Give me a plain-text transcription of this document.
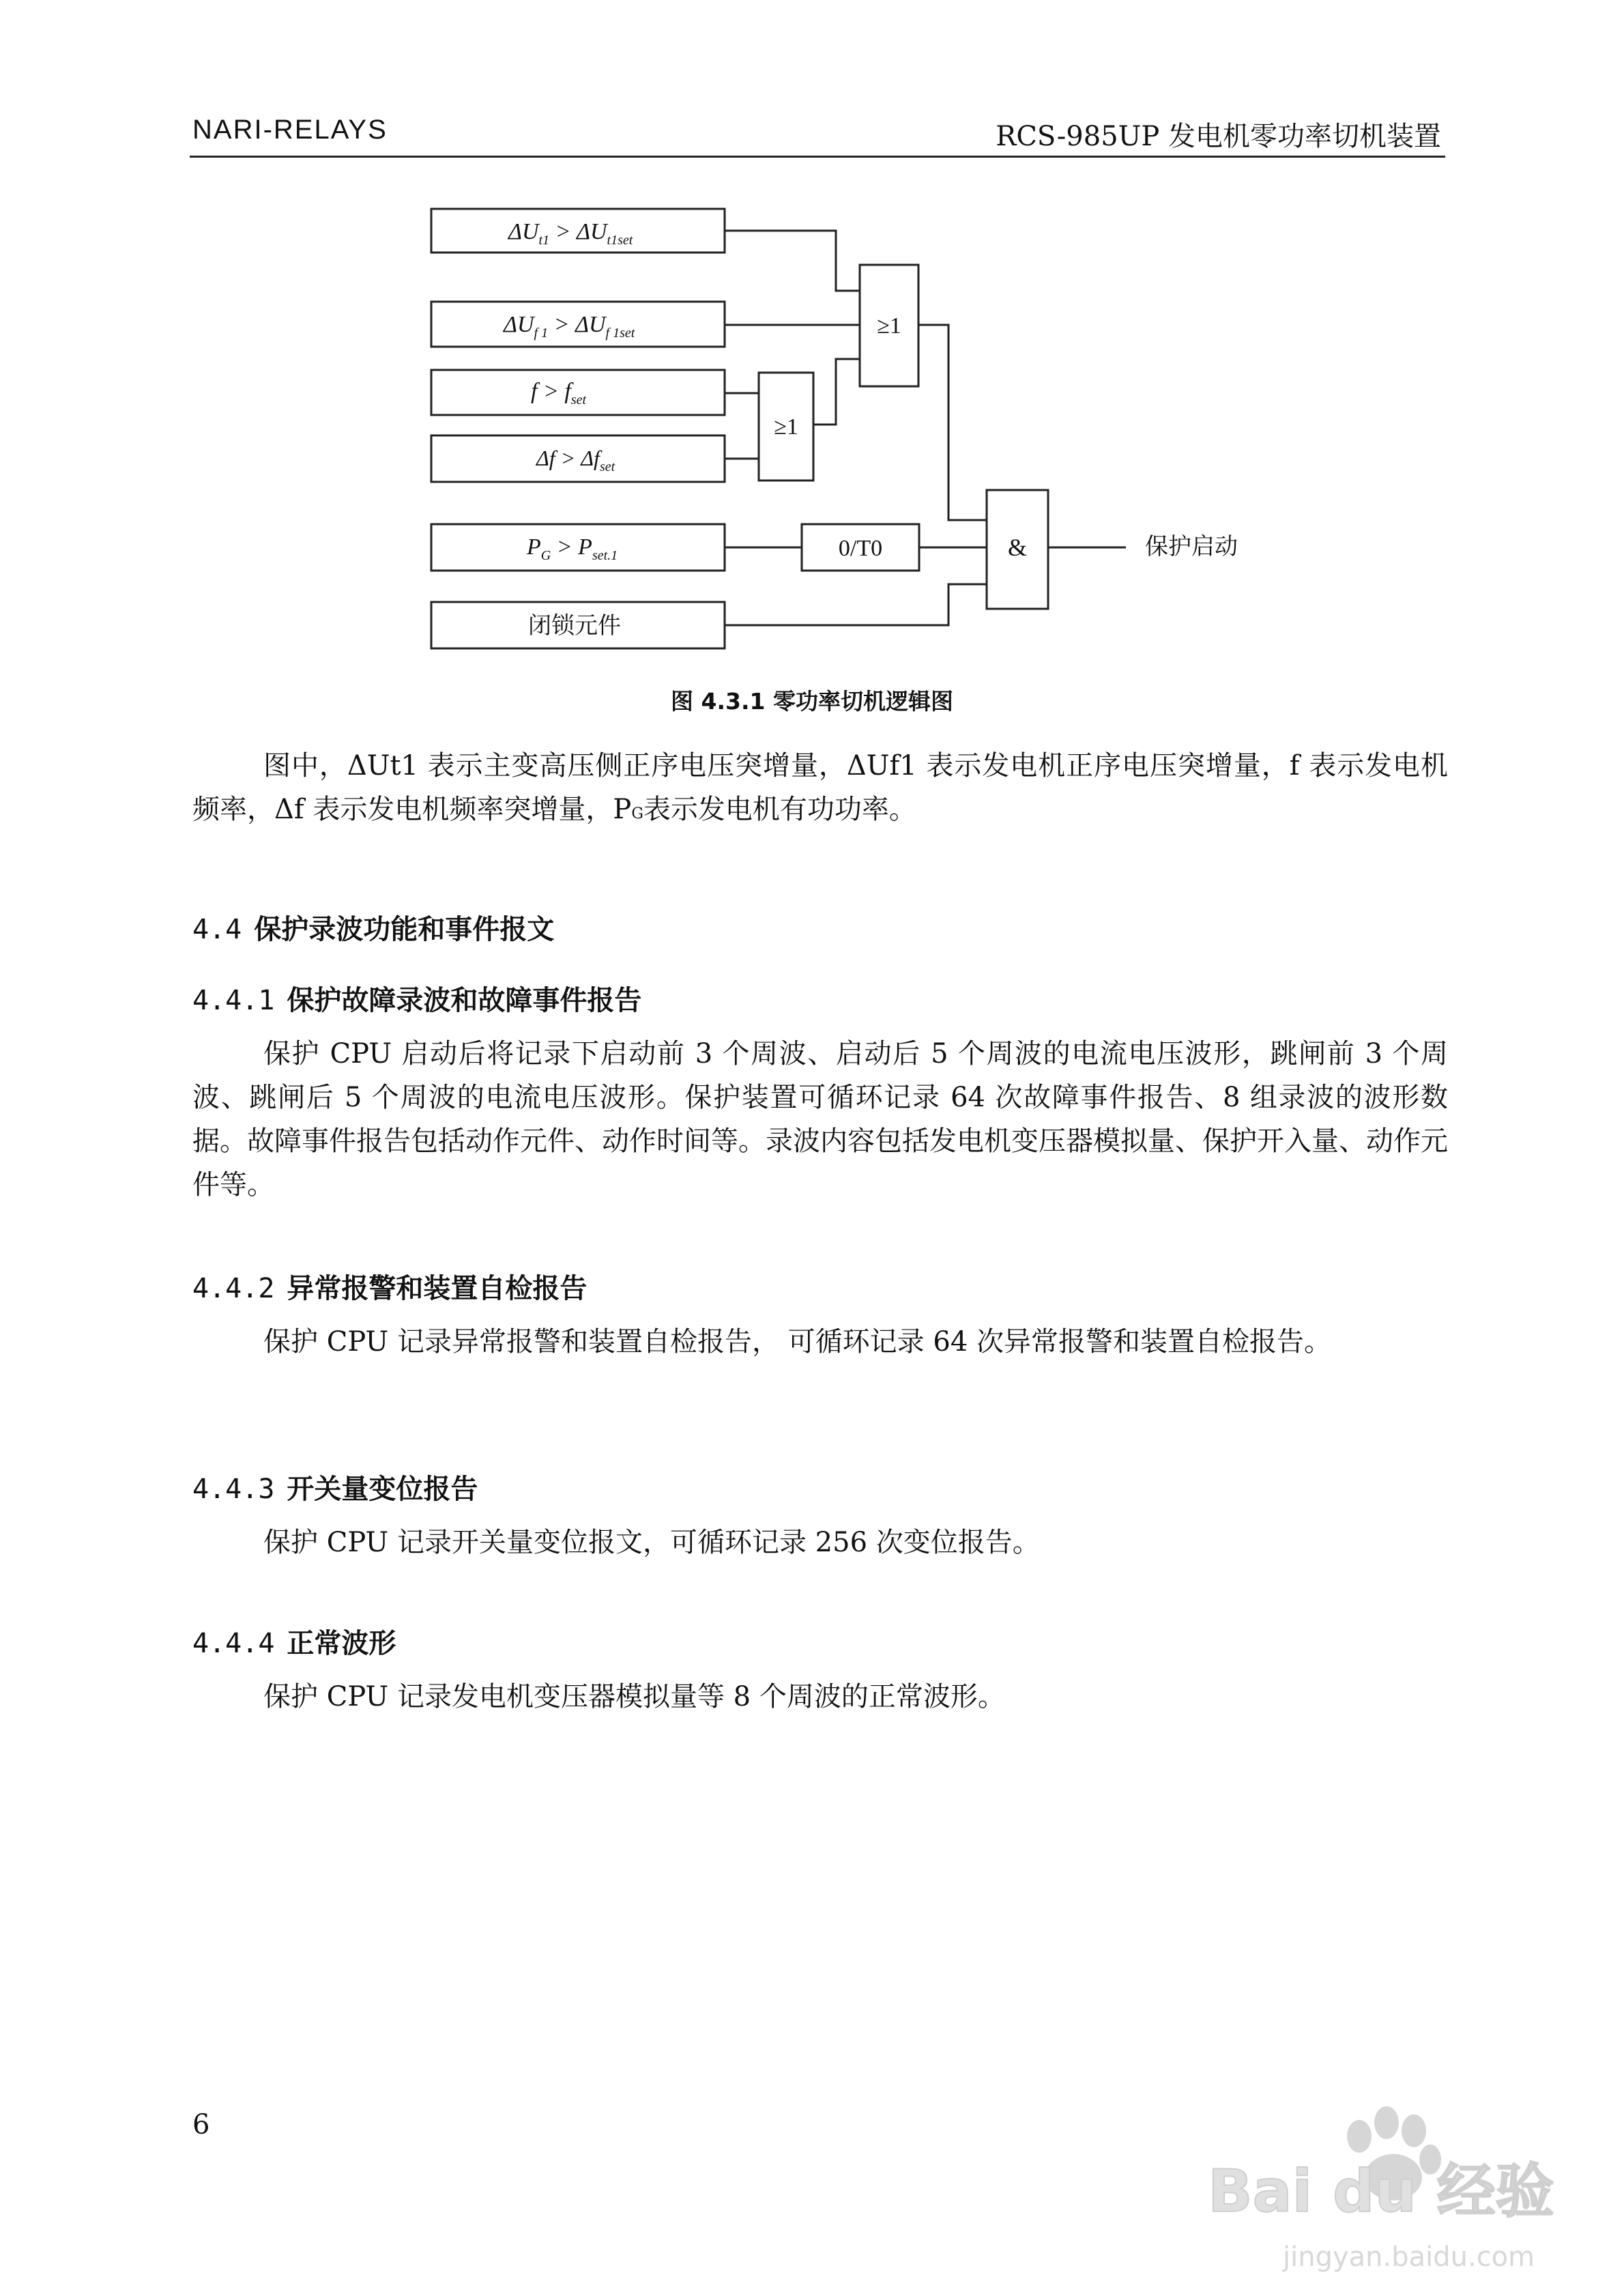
NARI-RELAYS	RCS-985UP 发电机零功率切机装置
$\Delta U_{t1} > \Delta U_{t1set}$
$\Delta U_{f 1} > \Delta U_{f 1set}$
$f > f_{set}$
$\Delta f > \Delta f_{set}$
$P_G > P_{set.1}$
闭锁元件
≥1
≥1
0/T0	&	保护启动
图 4.3.1 零功率切机逻辑图
图中，ΔUt1 表示主变高压侧正序电压突增量，ΔUf1 表示发电机正序电压突增量，f 表示发电机频率，Δf 表示发电机频率突增量，PG表示发电机有功功率。
4.4 保护录波功能和事件报文
4.4.1 保护故障录波和故障事件报告
保护 CPU 启动后将记录下启动前 3 个周波、启动后 5 个周波的电流电压波形，跳闸前 3 个周波、跳闸后 5 个周波的电流电压波形。保护装置可循环记录 64 次故障事件报告、8 组录波的波形数据。故障事件报告包括动作元件、动作时间等。录波内容包括发电机变压器模拟量、保护开入量、动作元件等。
4.4.2 异常报警和装置自检报告
保护 CPU 记录异常报警和装置自检报告， 可循环记录 64 次异常报警和装置自检报告。
4.4.3 开关量变位报告
保护 CPU 记录开关量变位报文，可循环记录 256 次变位报告。
4.4.4 正常波形
保护 CPU 记录发电机变压器模拟量等 8 个周波的正常波形。
6
Bai du 经验
jingyan.baidu.com
